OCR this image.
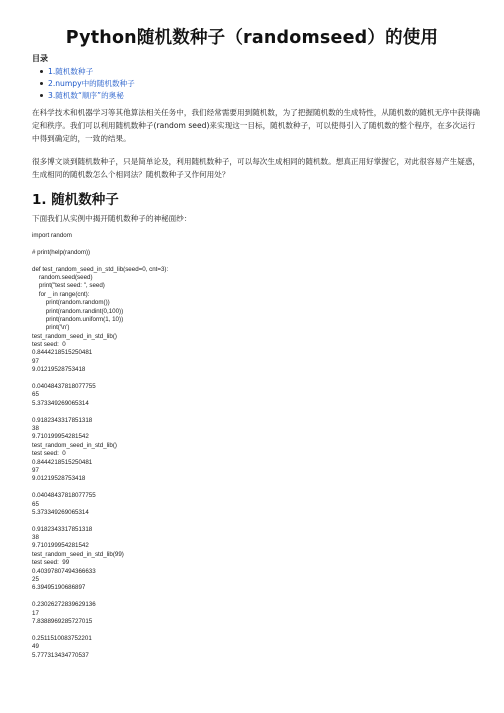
Python随机数种子（randomseed）的使用
目录
1.随机数种子
2.numpy中的随机数种子
3.随机数“顺序”的奥秘
在科学技术和机器学习等其他算法相关任务中，我们经常需要用到随机数，为了把握随机数的生成特性，从随机数的随机无序中获得确定和秩序。我们可以利用随机数种子(random seed)来实现这一目标，随机数种子，可以使得引入了随机数的整个程序，在多次运行中得到确定的，一致的结果。
很多博文谈到随机数种子，只是简单论及，利用随机数种子，可以每次生成相同的随机数。想真正用好掌握它，对此很容易产生疑惑，生成相同的随机数怎么个相同法？随机数种子又作何用处？
1. 随机数种子
下面我们从实例中揭开随机数种子的神秘面纱：
import random
# print(help(random))
def test_random_seed_in_std_lib(seed=0, cnt=3):
random.seed(seed)
print("test seed: ", seed)
for _ in range(cnt):
print(random.random())
print(random.randint(0,100))
print(random.uniform(1, 10))
print('\n')
test_random_seed_in_std_lib()
test seed:  0
0.8444218515250481
97
9.01219528753418
0.04048437818077755
65
5.373349269065314
0.9182343317851318
38
9.710199954281542
test_random_seed_in_std_lib()
test seed:  0
0.8444218515250481
97
9.01219528753418
0.04048437818077755
65
5.373349269065314
0.9182343317851318
38
9.710199954281542
test_random_seed_in_std_lib(99)
test seed:  99
0.40397807494366633
25
6.39495190686897
0.23026272839629136
17
7.8388969285727015
0.2511510083752201
49
5.777313434770537
